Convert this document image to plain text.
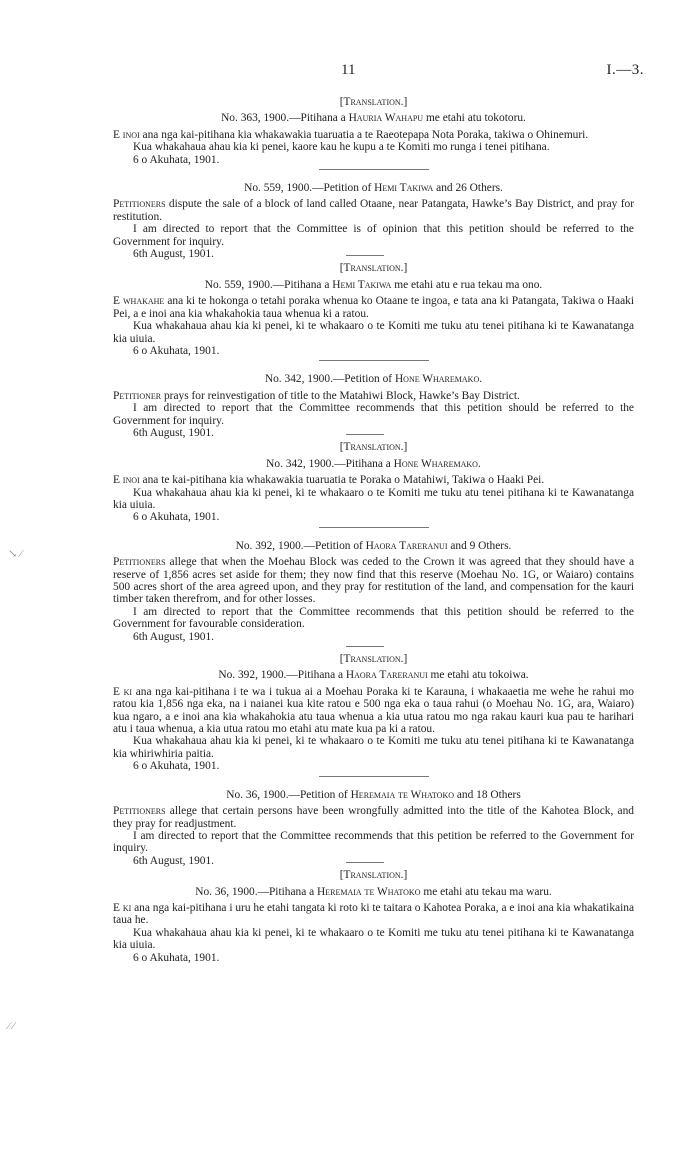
11	I.—3.
↘ ⁄
⁄ ⁄

[Translation.]

No. 363, 1900.—Pitihana a Hauria Wahapu me etahi atu tokotoru.

E inoi ana nga kai-pitihana kia whakawakia tuaruatia a te Raeotepapa Nota Poraka, takiwa o Ohinemuri.

Kua whakahaua ahau kia ki penei, kaore kau he kupu a te Komiti mo runga i tenei pitihana.

6 o Akuhata, 1901.

No. 559, 1900.—Petition of Hemi Takiwa and 26 Others.

Petitioners dispute the sale of a block of land called Otaane, near Patangata, Hawke’s Bay District, and pray for restitution.

I am directed to report that the Committee is of opinion that this petition should be referred to the Government for inquiry.

6th August, 1901.

[Translation.]

No. 559, 1900.—Pitihana a Hemi Takiwa me etahi atu e rua tekau ma ono.

E whakahe ana ki te hokonga o tetahi poraka whenua ko Otaane te ingoa, e tata ana ki Patangata, Takiwa o Haaki Pei, a e inoi ana kia whakahokia taua whenua ki a ratou.

Kua whakahaua ahau kia ki penei, ki te whakaaro o te Komiti me tuku atu tenei pitihana ki te Kawanatanga kia uiuia.

6 o Akuhata, 1901.

No. 342, 1900.—Petition of Hone Wharemako.

Petitioner prays for reinvestigation of title to the Matahiwi Block, Hawke’s Bay District.

I am directed to report that the Committee recommends that this petition should be referred to the Government for inquiry.

6th August, 1901.

[Translation.]

No. 342, 1900.—Pitihana a Hone Wharemako.

E inoi ana te kai-pitihana kia whakawakia tuaruatia te Poraka o Matahiwi, Takiwa o Haaki Pei.

Kua whakahaua ahau kia ki penei, ki te whakaaro o te Komiti me tuku atu tenei pitihana ki te Kawanatanga kia uiuia.

6 o Akuhata, 1901.

No. 392, 1900.—Petition of Haora Tareranui and 9 Others.

Petitioners allege that when the Moehau Block was ceded to the Crown it was agreed that they should have a reserve of 1,856 acres set aside for them; they now find that this reserve (Moehau No. 1G, or Waiaro) contains 500 acres short of the area agreed upon, and they pray for restitution of the land, and compensation for the kauri timber taken therefrom, and for other losses.

I am directed to report that the Committee recommends that this petition should be referred to the Government for favourable consideration.

6th August, 1901.

[Translation.]

No. 392, 1900.—Pitihana a Haora Tareranui me etahi atu tokoiwa.

E ki ana nga kai-pitihana i te wa i tukua ai a Moehau Poraka ki te Karauna, i whakaaetia me wehe he rahui mo ratou kia 1,856 nga eka, na i naianei kua kite ratou e 500 nga eka o taua rahui (o Moehau No. 1G, ara, Waiaro) kua ngaro, a e inoi ana kia whakahokia atu taua whenua a kia utua ratou mo nga rakau kauri kua pau te harihari atu i taua whenua, a kia utua ratou mo etahi atu mate kua pa ki a ratou.

Kua whakahaua ahau kia ki penei, ki te whakaaro o te Komiti me tuku atu tenei pitihana ki te Kawanatanga kia whiriwhiria paitia.

6 o Akuhata, 1901.

No. 36, 1900.—Petition of Heremaia te Whatoko and 18 Others

Petitioners allege that certain persons have been wrongfully admitted into the title of the Kahotea Block, and they pray for readjustment.

I am directed to report that the Committee recommends that this petition be referred to the Government for inquiry.

6th August, 1901.

[Translation.]

No. 36, 1900.—Pitihana a Heremaia te Whatoko me etahi atu tekau ma waru.

E ki ana nga kai-pitihana i uru he etahi tangata ki roto ki te taitara o Kahotea Poraka, a e inoi ana kia whakatikaina taua he.

Kua whakahaua ahau kia ki penei, ki te whakaaro o te Komiti me tuku atu tenei pitihana ki te Kawanatanga kia uiuia.

6 o Akuhata, 1901.
